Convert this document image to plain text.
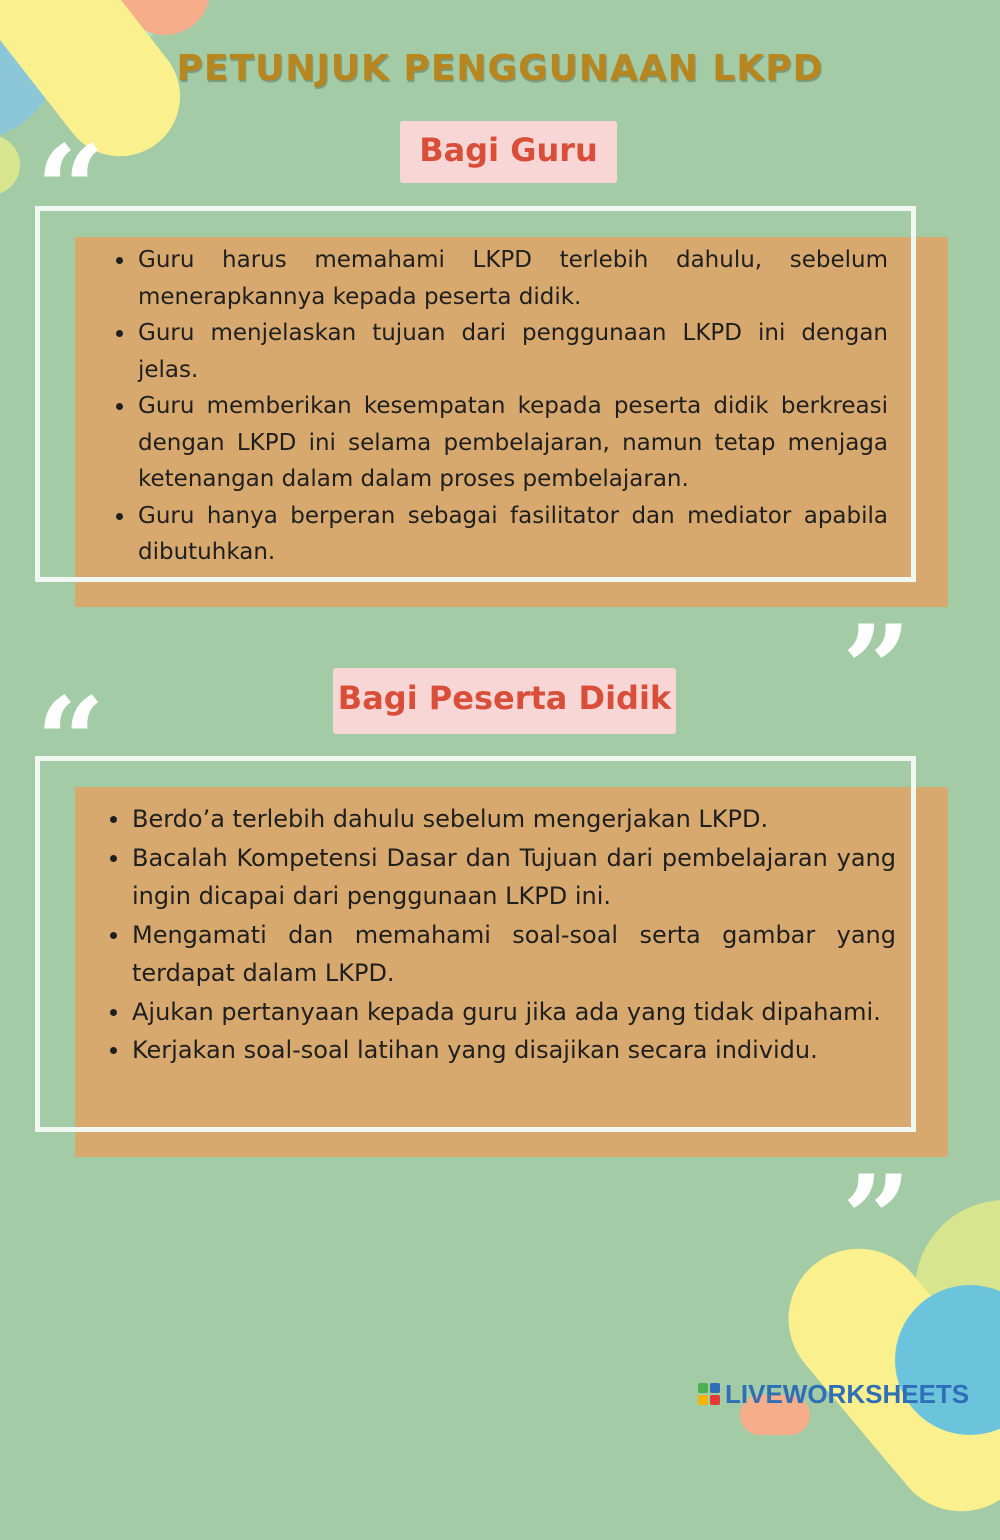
PETUNJUK PENGGUNAAN LKPD
Bagi Guru
“ Guru harus memahami LKPD terlebih dahulu, sebelum menerapkannya kepada peserta didik.
Guru menjelaskan tujuan dari penggunaan LKPD ini dengan jelas.
Guru memberikan kesempatan kepada peserta didik berkreasi dengan LKPD ini selama pembelajaran, namun tetap menjaga ketenangan dalam dalam proses pembelajaran.
Guru hanya berperan sebagai fasilitator dan mediator apabila dibutuhkan.
”
Bagi Peserta Didik
“
Berdo’a terlebih dahulu sebelum mengerjakan LKPD.
Bacalah Kompetensi Dasar dan Tujuan dari pembelajaran yang ingin dicapai dari penggunaan LKPD ini.
Mengamati dan memahami soal-soal serta gambar yang terdapat dalam LKPD.
Ajukan pertanyaan kepada guru jika ada yang tidak dipahami.
Kerjakan soal-soal latihan yang disajikan secara individu.
”
LIVEWORKSHEETS
